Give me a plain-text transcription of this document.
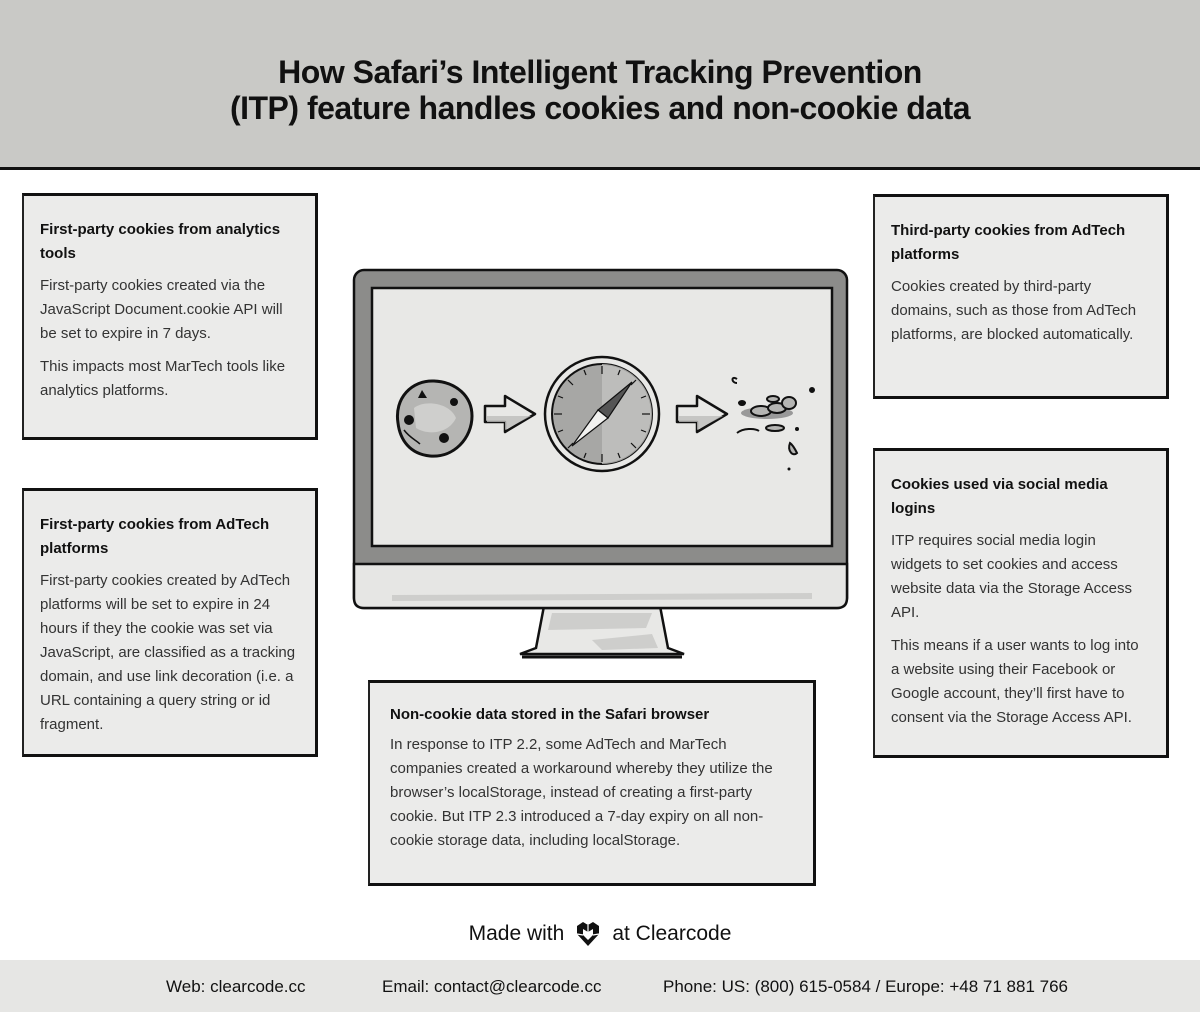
How Safari’s Intelligent Tracking Prevention
(ITP) feature handles cookies and non-cookie data
First-party cookies from analytics tools
First-party cookies created via the JavaScript Document.cookie API will be set to expire in 7 days.
This impacts most MarTech tools like analytics platforms.
First-party cookies from AdTech platforms
First-party cookies created by AdTech platforms will be set to expire in 24 hours if they the cookie was set via JavaScript, are classified as a tracking domain, and use link decoration (i.e. a URL containing a query string or id fragment.
Third-party cookies from AdTech platforms
Cookies created by third-party domains, such as those from AdTech platforms, are blocked automatically.
Cookies used via social media logins
ITP requires social media login widgets to set cookies and access website data via the Storage Access API.
This means if a user wants to log into a website using their Facebook or Google account, they’ll first have to consent via the Storage Access API.
Non-cookie data stored in the Safari browser
In response to ITP 2.2, some AdTech and MarTech companies created a workaround whereby they utilize the browser’s localStorage, instead of creating a first-party cookie. But ITP 2.3 introduced a 7-day expiry on all non-cookie storage data, including localStorage.
Made with at Clearcode
Web: clearcode.cc	Email: contact@clearcode.cc	Phone: US: (800) 615-0584 / Europe: +48 71 881 766
